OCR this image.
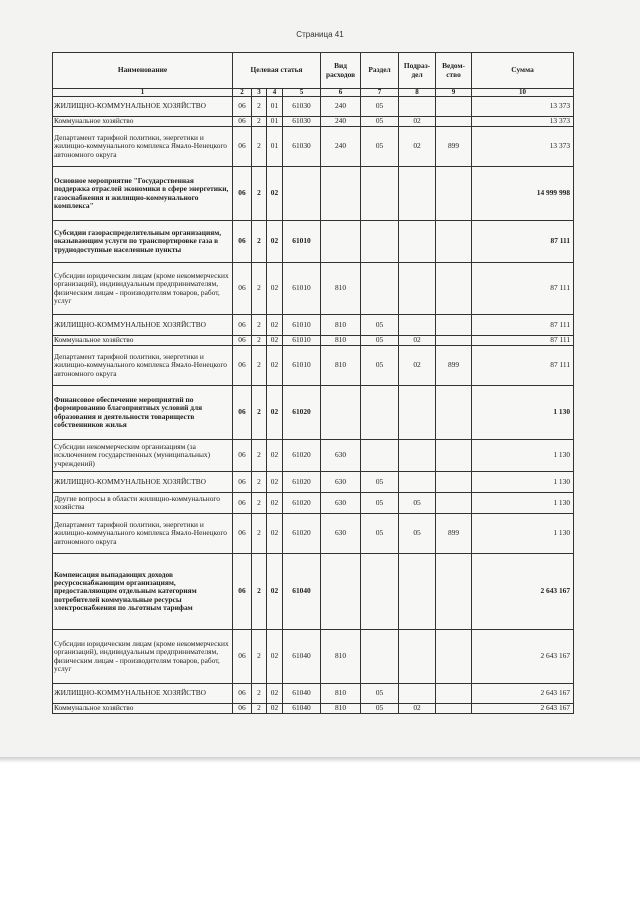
Страница 41
Наименование	Целевая статья				Вид расходов	Раздел	Подраз-дел	Ведом-ство	Сумма
1	2	3	4	5	6	7	8	9	10
ЖИЛИЩНО-КОММУНАЛЬНОЕ ХОЗЯЙСТВО	06	2	01	61030	240	05			13 373
Коммунальное хозяйство	06	2	01	61030	240	05	02		13 373
Департамент тарифной политики, энергетики и жилищно-коммунального комплекса Ямало-Ненецкого автономного округа	06	2	01	61030	240	05	02	899	13 373
Основное мероприятие "Государственная поддержка отраслей экономики в сфере энергетики, газоснабжения и жилищно-коммунального комплекса"	06	2	02						14 999 998
Субсидии газораспределительным организациям, оказывающим услуги по транспортировке газа в труднодоступные населенные пункты	06	2	02	61010					87 111
Субсидии юридическим лицам (кроме некоммерческих организаций), индивидуальным предпринимателям, физическим лицам - производителям товаров, работ, услуг	06	2	02	61010	810				87 111
ЖИЛИЩНО-КОММУНАЛЬНОЕ ХОЗЯЙСТВО	06	2	02	61010	810	05			87 111
Коммунальное хозяйство	06	2	02	61010	810	05	02		87 111
Департамент тарифной политики, энергетики и жилищно-коммунального комплекса Ямало-Ненецкого автономного округа	06	2	02	61010	810	05	02	899	87 111
Финансовое обеспечение мероприятий по формированию благоприятных условий для образования и деятельности товариществ собственников жилья	06	2	02	61020					1 130
Субсидии некоммерческим организациям (за исключением государственных (муниципальных) учреждений)	06	2	02	61020	630				1 130
ЖИЛИЩНО-КОММУНАЛЬНОЕ ХОЗЯЙСТВО	06	2	02	61020	630	05			1 130
Другие вопросы в области жилищно-коммунального хозяйства	06	2	02	61020	630	05	05		1 130
Департамент тарифной политики, энергетики и жилищно-коммунального комплекса Ямало-Ненецкого автономного округа	06	2	02	61020	630	05	05	899	1 130
Компенсация выпадающих доходов ресурсоснабжающим организациям, предоставляющим отдельным категориям потребителей коммунальные ресурсы электроснабжения по льготным тарифам	06	2	02	61040					2 643 167
Субсидии юридическим лицам (кроме некоммерческих организаций), индивидуальным предпринимателям, физическим лицам - производителям товаров, работ, услуг	06	2	02	61040	810				2 643 167
ЖИЛИЩНО-КОММУНАЛЬНОЕ ХОЗЯЙСТВО	06	2	02	61040	810	05			2 643 167
Коммунальное хозяйство	06	2	02	61040	810	05	02		2 643 167
